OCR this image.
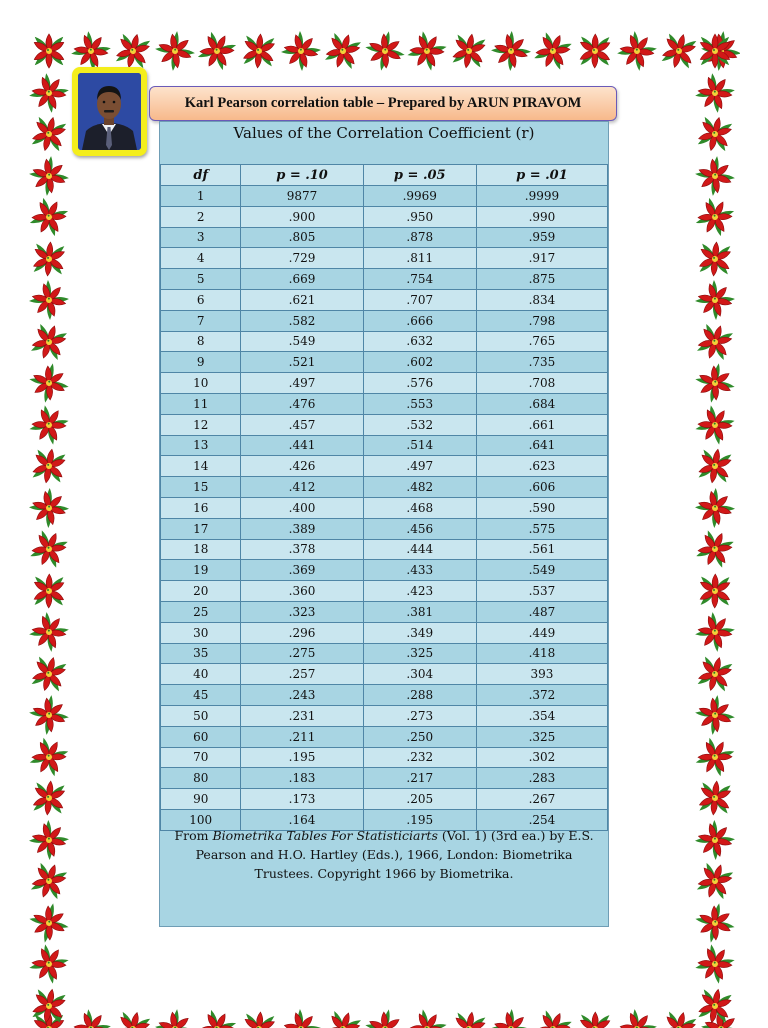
Karl Pearson correlation table – Prepared by ARUN PIRAVOM
Values of the Correlation Coefficient (r)
df	p = .10	p = .05	p = .01
1	9877	.9969	.9999
2	.900	.950	.990
3	.805	.878	.959
4	.729	.811	.917
5	.669	.754	.875
6	.621	.707	.834
7	.582	.666	.798
8	.549	.632	.765
9	.521	.602	.735
10	.497	.576	.708
11	.476	.553	.684
12	.457	.532	.661
13	.441	.514	.641
14	.426	.497	.623
15	.412	.482	.606
16	.400	.468	.590
17	.389	.456	.575
18	.378	.444	.561
19	.369	.433	.549
20	.360	.423	.537
25	.323	.381	.487
30	.296	.349	.449
35	.275	.325	.418
40	.257	.304	393
45	.243	.288	.372
50	.231	.273	.354
60	.211	.250	.325
70	.195	.232	.302
80	.183	.217	.283
90	.173	.205	.267
100	.164	.195	.254
From Biometrika Tables For Statisticiarts (Vol. 1) (3rd ea.) by E.S. Pearson and H.O. Hartley (Eds.), 1966, London: Biometrika Trustees. Copyright 1966 by Biometrika.
